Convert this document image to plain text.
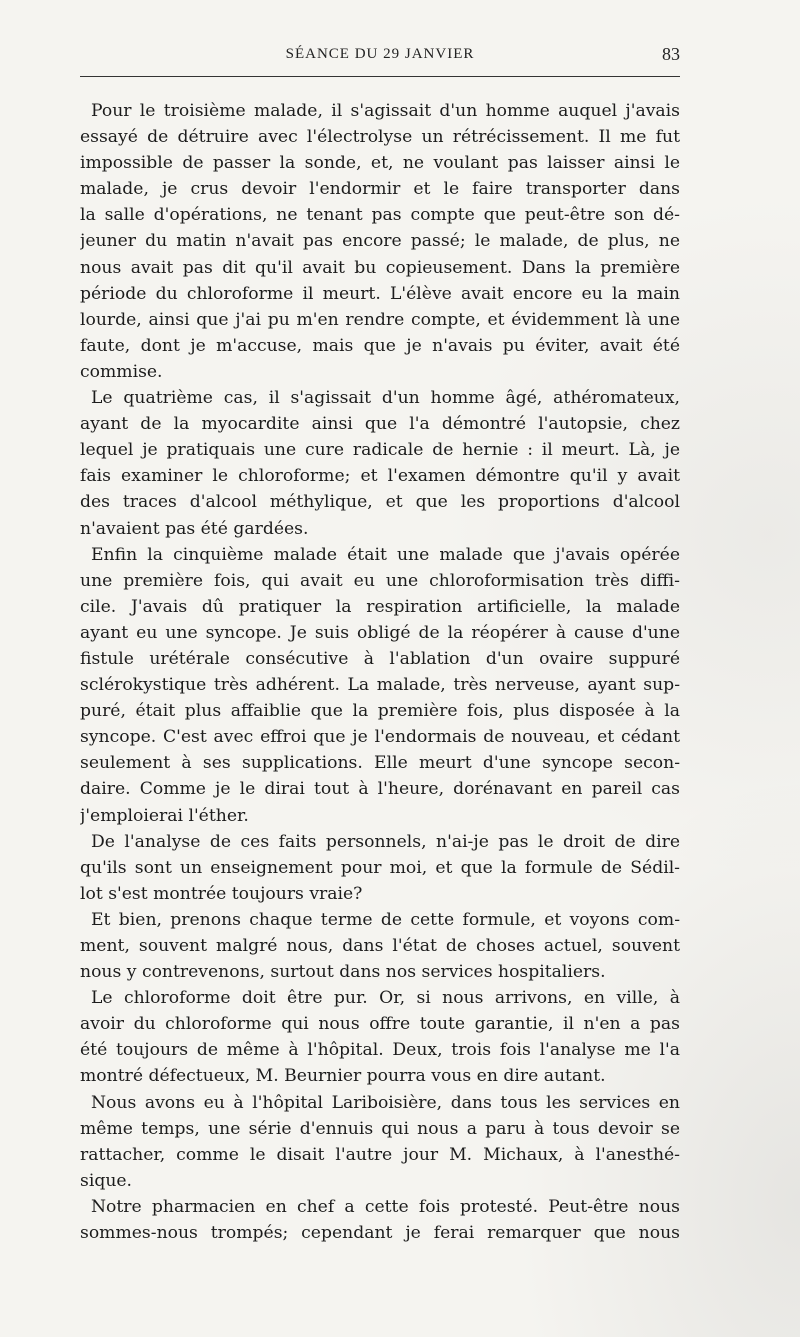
SÉANCE DU 29 JANVIER	83
Pour le troisième malade, il s'agissait d'un homme auquel j'avais
essayé de détruire avec l'électrolyse un rétrécissement. Il me fut
impossible de passer la sonde, et, ne voulant pas laisser ainsi le
malade, je crus devoir l'endormir et le faire transporter dans
la salle d'opérations, ne tenant pas compte que peut-être son dé-
jeuner du matin n'avait pas encore passé; le malade, de plus, ne
nous avait pas dit qu'il avait bu copieusement. Dans la première
période du chloroforme il meurt. L'élève avait encore eu la main
lourde, ainsi que j'ai pu m'en rendre compte, et évidemment là une
faute, dont je m'accuse, mais que je n'avais pu éviter, avait été
commise.
Le quatrième cas, il s'agissait d'un homme âgé, athéromateux,
ayant de la myocardite ainsi que l'a démontré l'autopsie, chez
lequel je pratiquais une cure radicale de hernie : il meurt. Là, je
fais examiner le chloroforme; et l'examen démontre qu'il y avait
des traces d'alcool méthylique, et que les proportions d'alcool
n'avaient pas été gardées.
Enfin la cinquième malade était une malade que j'avais opérée
une première fois, qui avait eu une chloroformisation très diffi-
cile. J'avais dû pratiquer la respiration artificielle, la malade
ayant eu une syncope. Je suis obligé de la réopérer à cause d'une
fistule urétérale consécutive à l'ablation d'un ovaire suppuré
sclérokystique très adhérent. La malade, très nerveuse, ayant sup-
puré, était plus affaiblie que la première fois, plus disposée à la
syncope. C'est avec effroi que je l'endormais de nouveau, et cédant
seulement à ses supplications. Elle meurt d'une syncope secon-
daire. Comme je le dirai tout à l'heure, dorénavant en pareil cas
j'emploierai l'éther.
De l'analyse de ces faits personnels, n'ai-je pas le droit de dire
qu'ils sont un enseignement pour moi, et que la formule de Sédil-
lot s'est montrée toujours vraie?
Et bien, prenons chaque terme de cette formule, et voyons com-
ment, souvent malgré nous, dans l'état de choses actuel, souvent
nous y contrevenons, surtout dans nos services hospitaliers.
Le chloroforme doit être pur. Or, si nous arrivons, en ville, à
avoir du chloroforme qui nous offre toute garantie, il n'en a pas
été toujours de même à l'hôpital. Deux, trois fois l'analyse me l'a
montré défectueux, M. Beurnier pourra vous en dire autant.
Nous avons eu à l'hôpital Lariboisière, dans tous les services en
même temps, une série d'ennuis qui nous a paru à tous devoir se
rattacher, comme le disait l'autre jour M. Michaux, à l'anesthé-
sique.
Notre pharmacien en chef a cette fois protesté. Peut-être nous
sommes-nous trompés; cependant je ferai remarquer que nous
